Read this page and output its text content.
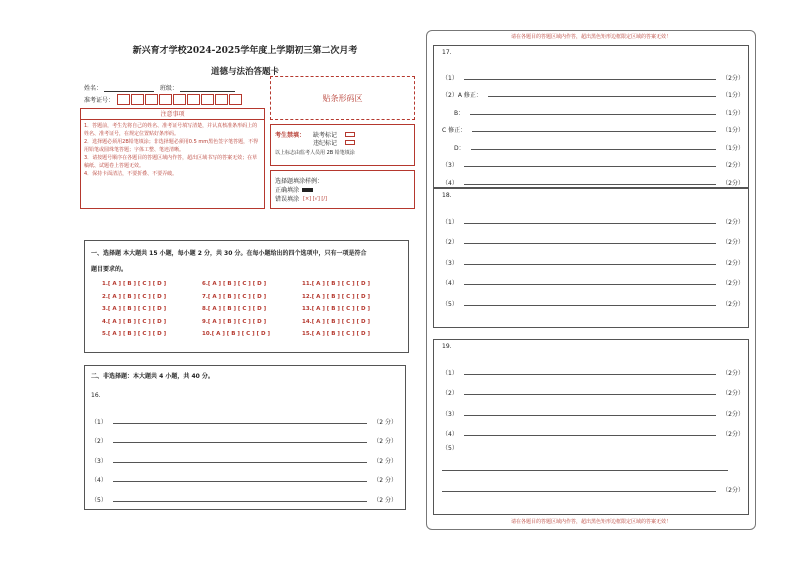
新兴育才学校2024-2025学年度上学期初三第二次月考
道德与法治答题卡
姓名：	班级：
准考证号：	贴条形码区
注意事项
1．答题前，考生先将自己的姓名、准考证号填写清楚，并认真核准条形码上的姓名、准考证号，在规定位置贴好条形码。
2．选择题必须用2B铅笔填涂；非选择题必须用0.5 mm黑色签字笔答题，不得用铅笔或圆珠笔答题；字体工整、笔迹清晰。
3．请按题号顺序在各题目的答题区域内作答，超出区域书写的答案无效；在草稿纸、试题卷上答题无效。
4．保持卡面清洁，不要折叠、不要弄破。
考生禁填： 缺考标记
违纪标记
以上标志由监考人员用 2B 铅笔填涂
选择题填涂样例：
正确填涂
错误填涂 [×] [√] [/]
一、选择题 本大题共 15 小题，每小题 2 分，共 30 分。在每小题给出的四个选项中，只有一项是符合
题目要求的。
1.[ A ] [ B ] [ C ] [ D ]
2.[ A ] [ B ] [ C ] [ D ]
3.[ A ] [ B ] [ C ] [ D ]
4.[ A ] [ B ] [ C ] [ D ]
5.[ A ] [ B ] [ C ] [ D ]
6.[ A ] [ B ] [ C ] [ D ]
7.[ A ] [ B ] [ C ] [ D ]
8.[ A ] [ B ] [ C ] [ D ]
9.[ A ] [ B ] [ C ] [ D ]
10.[ A ] [ B ] [ C ] [ D ]
11.[ A ] [ B ] [ C ] [ D ]
12.[ A ] [ B ] [ C ] [ D ]
13.[ A ] [ B ] [ C ] [ D ]
14.[ A ] [ B ] [ C ] [ D ]
15.[ A ] [ B ] [ C ] [ D ]
二、非选择题：本大题共 4 小题，共 40 分。
16.
（1）	（2 分）
（2）	（2 分）
（3）	（2 分）
（4）	（2 分）
（5）	（2 分）
请在各题目的答题区域内作答，超出黑色矩形边框限定区域的答案无效！
17.
（1）	（2分）
（2）A 修正：	（1分）
B：	（1分）
C 修正：	（1分）
D：	（1分）
（3）	（2分）
（4）	（2分）
18.
（1）	（2分）
（2）	（2分）
（3）	（2分）
（4）	（2分）
（5）	（2分）
19.
（1）	（2分）
（2）	（2分）
（3）	（2分）
（4）	（2分）
（5）
（2分）
请在各题目的答题区域内作答，超出黑色矩形边框限定区域的答案无效！
